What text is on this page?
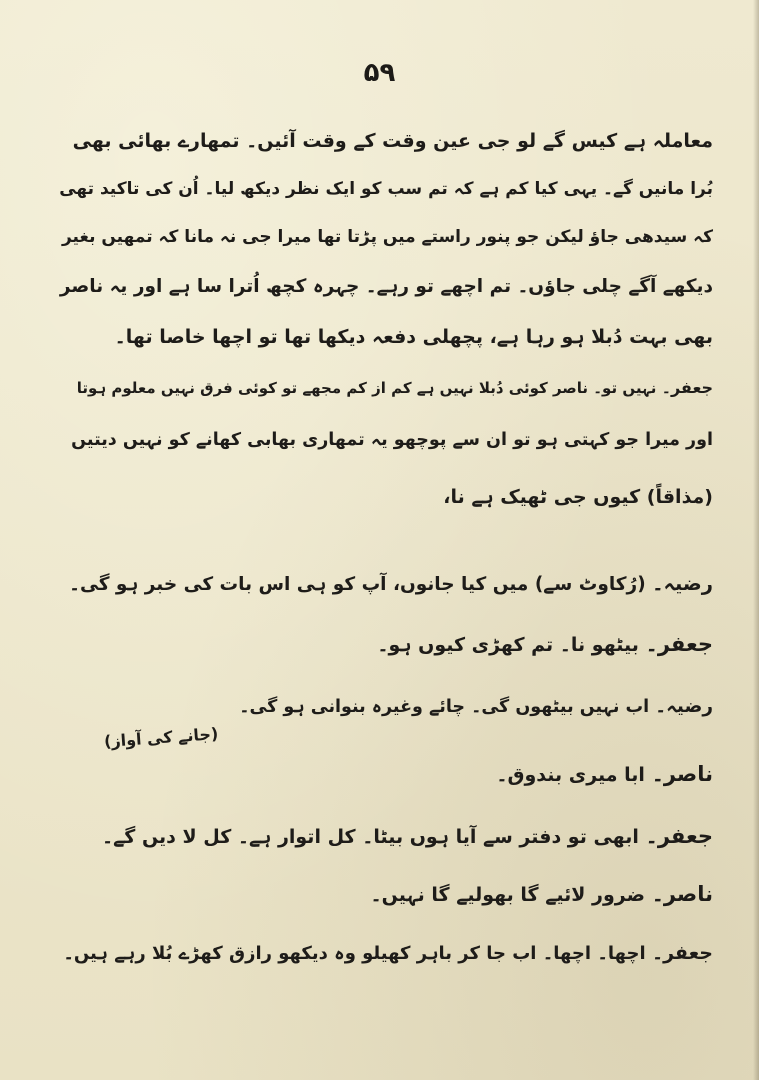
۵۹
معاملہ ہے کیس گے لو جی عین وقت کے وقت آئیں۔ تمھارے بھائی بھی
بُرا مانیں گے۔ یہی کیا کم ہے کہ تم سب کو ایک نظر دیکھ لیا۔ اُن کی تاکید تھی
کہ سیدھی جاؤ لیکن جو پنور راستے میں پڑتا تھا میرا جی نہ مانا کہ تمھیں بغیر
دیکھے آگے چلی جاؤں۔ تم اچھے تو رہے۔ چہرہ کچھ اُترا سا ہے اور یہ ناصر
بھی بہت دُبلا ہو رہا ہے، پچھلی دفعہ دیکھا تھا تو اچھا خاصا تھا۔
جعفر۔ نہیں تو۔ ناصر کوئی دُبلا نہیں ہے کم از کم مجھے تو کوئی فرق نہیں معلوم ہوتا
اور میرا جو کہتی ہو تو ان سے پوچھو یہ تمھاری بھابی کھانے کو نہیں دیتیں
(مذاقاً) کیوں جی ٹھیک ہے نا،
رضیہ۔ (رُکاوٹ سے) میں کیا جانوں، آپ کو ہی اس بات کی خبر ہو گی۔
جعفر۔ بیٹھو نا۔ تم کھڑی کیوں ہو۔
رضیہ۔ اب نہیں بیٹھوں گی۔ چائے وغیرہ بنوانی ہو گی۔
(جانے کی آواز)
ناصر۔ ابا میری بندوق۔
جعفر۔ ابھی تو دفتر سے آیا ہوں بیٹا۔ کل اتوار ہے۔ کل لا دیں گے۔
ناصر۔ ضرور لائیے گا بھولیے گا نہیں۔
جعفر۔ اچھا۔ اچھا۔ اب جا کر باہر کھیلو وہ دیکھو رازق کھڑے بُلا رہے ہیں۔
